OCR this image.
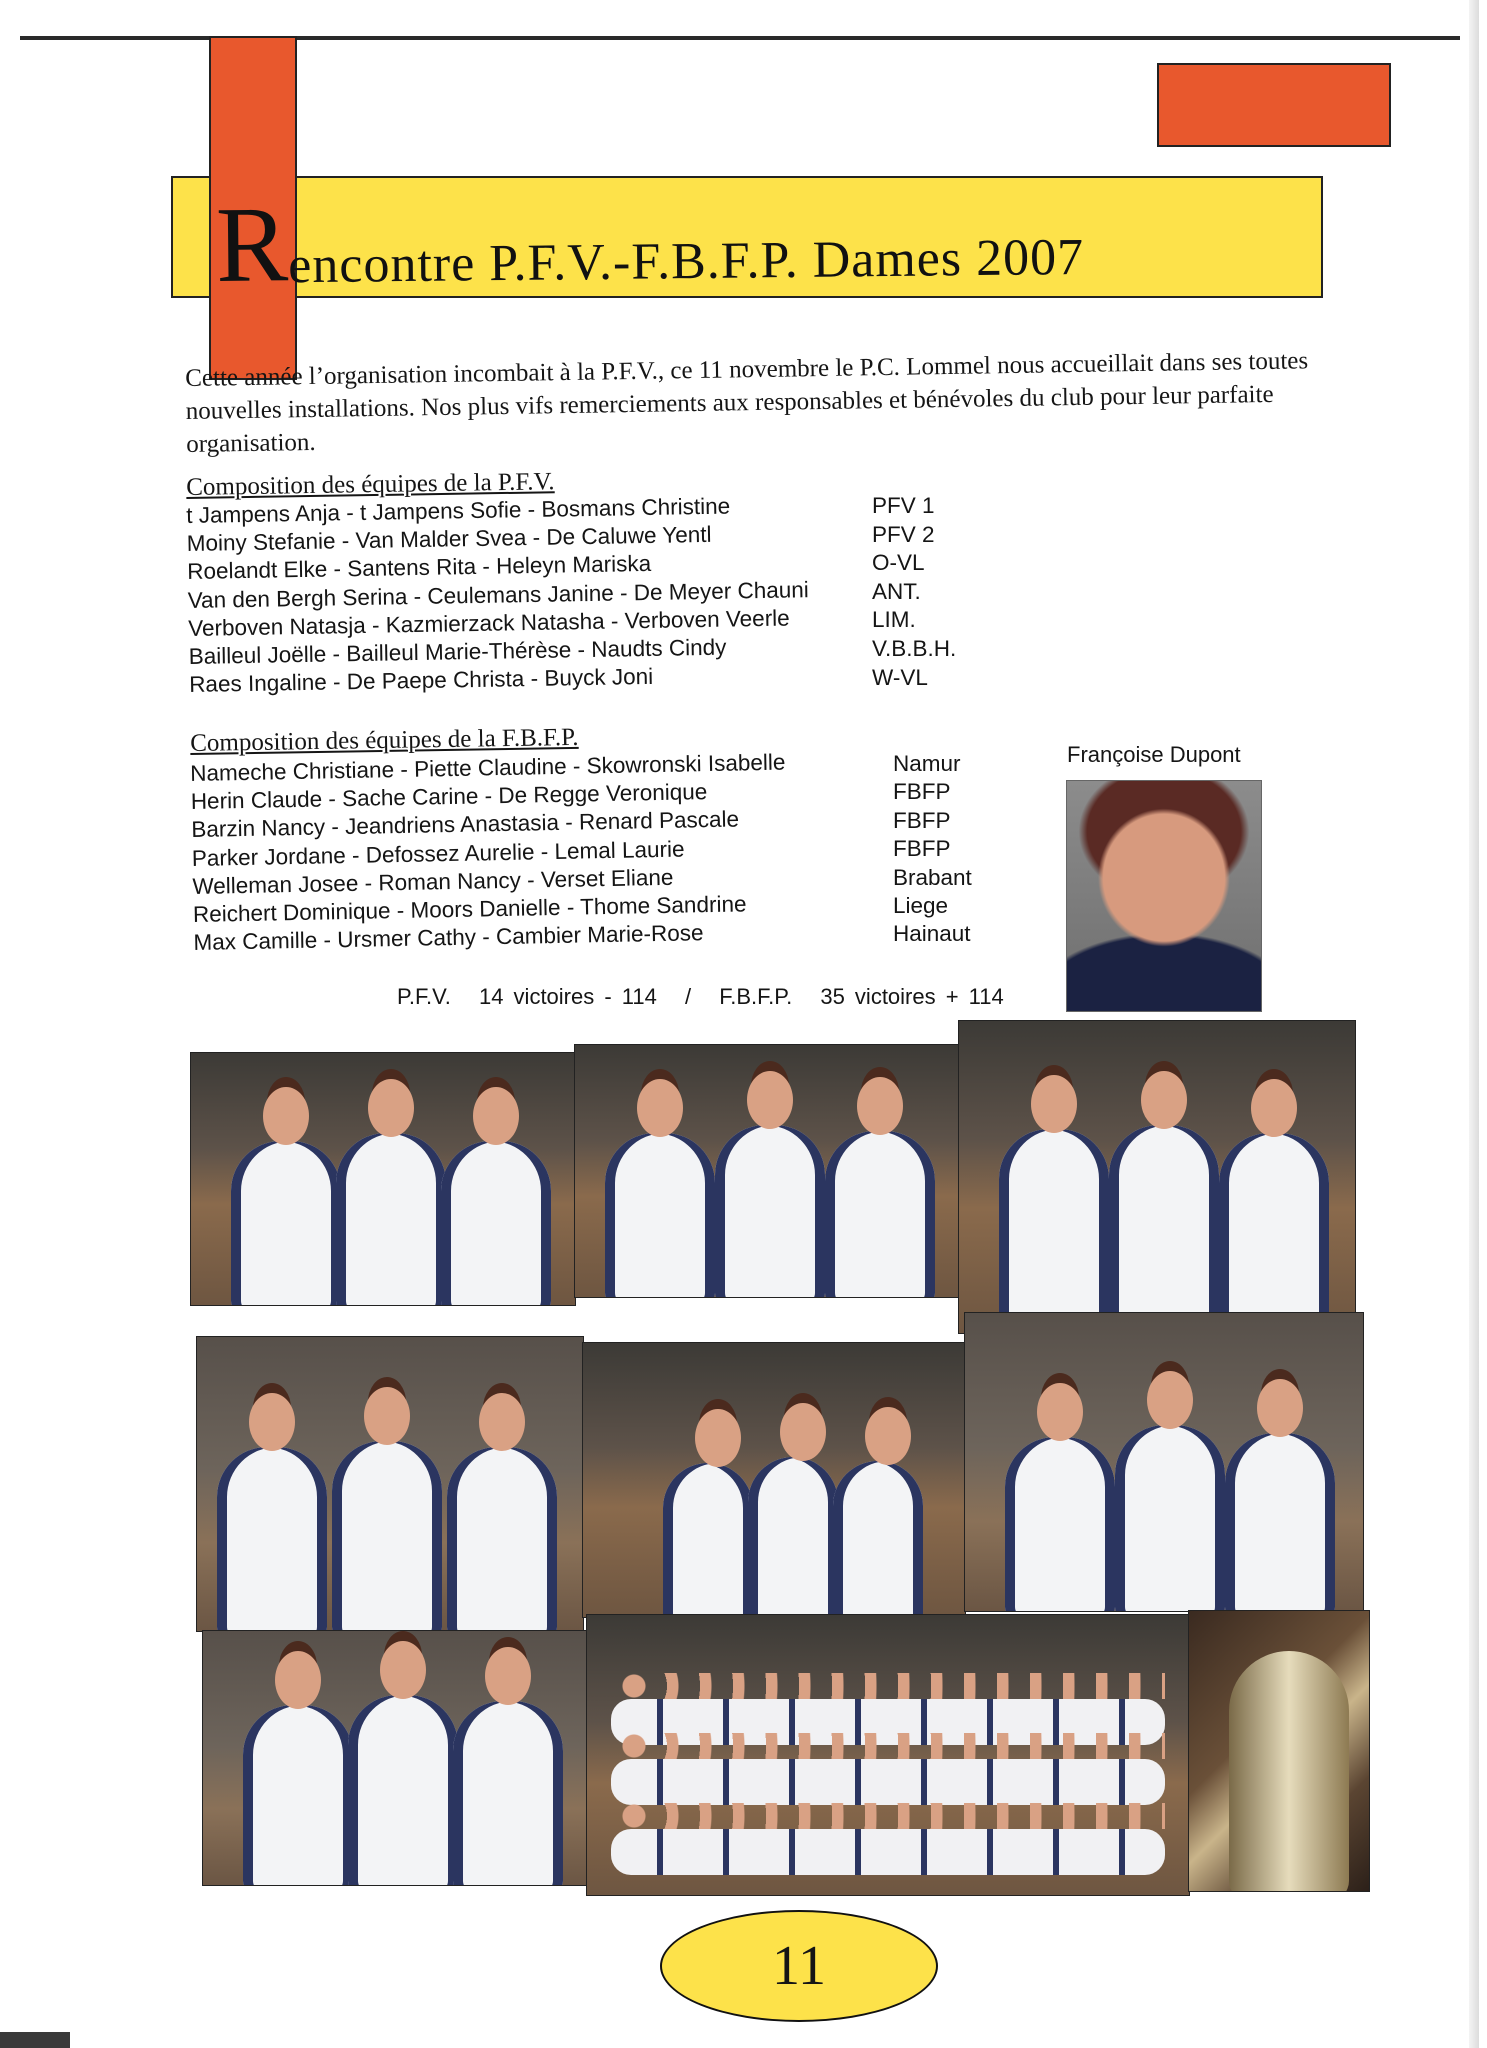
Rencontre P.F.V.-F.B.F.P. Dames 2007

Cette année l’organisation incombait à la P.F.V., ce 11 novembre le P.C. Lommel nous accueillait dans ses toutes nouvelles installations. Nos plus vifs remerciements aux responsables et bénévoles du club pour leur parfaite organisation.

Composition des équipes de la P.F.V.
t Jampens Anja - t Jampens Sofie - Bosmans Christine
Moiny Stefanie - Van Malder Svea - De Caluwe Yentl
Roelandt Elke - Santens Rita - Heleyn Mariska
Van den Bergh Serina - Ceulemans Janine - De Meyer Chauni
Verboven Natasja - Kazmierzack Natasha - Verboven Veerle
Bailleul Joëlle - Bailleul Marie-Thérèse - Naudts Cindy
Raes Ingaline - De Paepe Christa - Buyck Joni
PFV 1
PFV 2
O-VL
ANT.
LIM.
V.B.B.H.
W-VL
Composition des équipes de la F.B.F.P.
Nameche Christiane - Piette Claudine - Skowronski Isabelle
Herin Claude - Sache Carine - De Regge Veronique
Barzin Nancy - Jeandriens Anastasia - Renard Pascale
Parker Jordane - Defossez Aurelie - Lemal Laurie
Welleman Josee - Roman Nancy - Verset Eliane
Reichert Dominique - Moors Danielle - Thome Sandrine
Max Camille - Ursmer Cathy - Cambier Marie-Rose
Namur
FBFP
FBFP
FBFP
Brabant
Liege
Hainaut

Françoise Dupont

P.F.V. 14 victoires - 114 / F.B.F.P. 35 victoires + 114

11
